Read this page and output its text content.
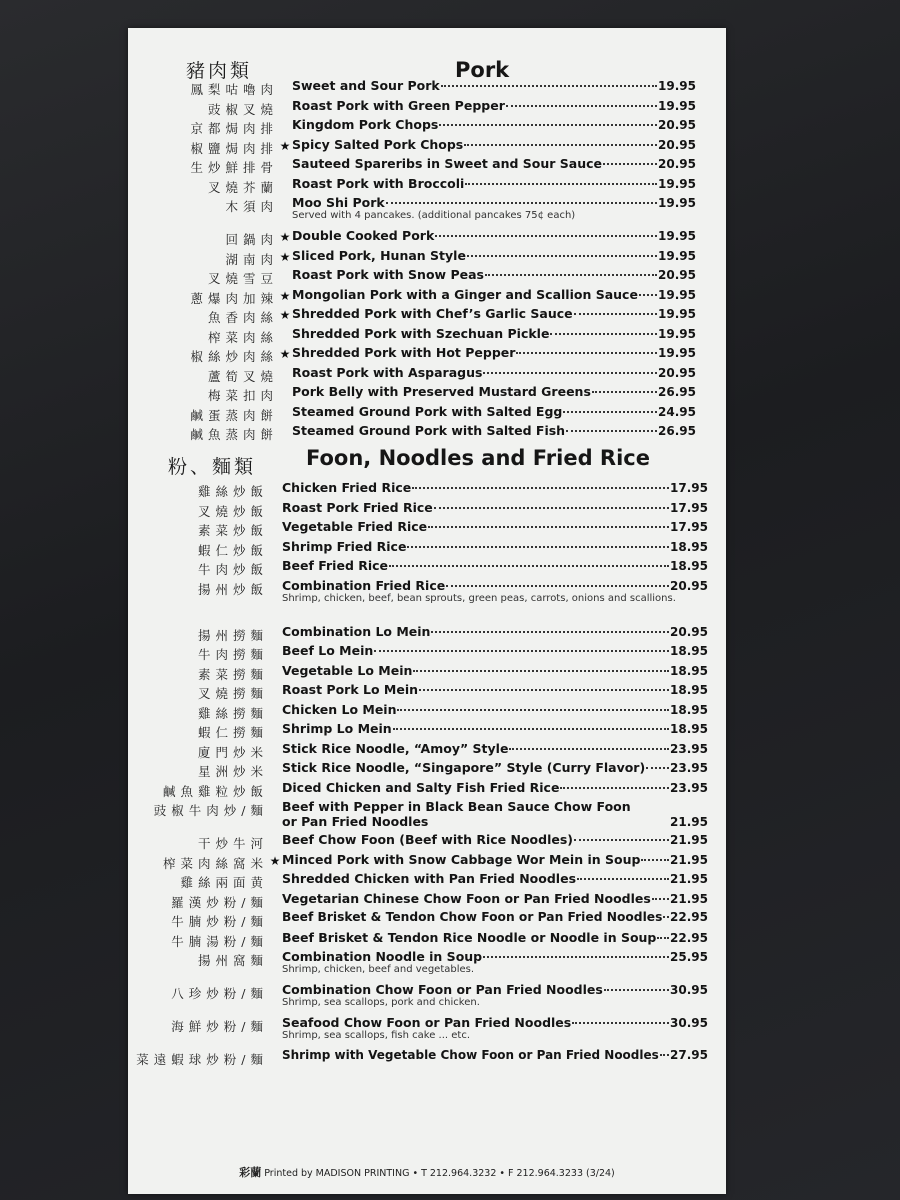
豬肉類	Pork
鳳梨咕嚕肉 Sweet and Sour Pork	19.95
豉椒叉燒 Roast Pork with Green Pepper	19.95
京都焗肉排 Kingdom Pork Chops	20.95
椒鹽焗肉排 ★ Spicy Salted Pork Chops	20.95
生炒鮮排骨 Sauteed Spareribs in Sweet and Sour Sauce	20.95
叉燒芥蘭 Roast Pork with Broccoli	19.95
木須肉 Moo Shi Pork	19.95
Served with 4 pancakes. (additional pancakes 75¢ each)
回鍋肉 ★ Double Cooked Pork	19.95
湖南肉 ★ Sliced Pork, Hunan Style	19.95
叉燒雪豆 Roast Pork with Snow Peas	20.95
蔥爆肉加辣 ★ Mongolian Pork with a Ginger and Scallion Sauce 19.95
魚香肉絲 ★ Shredded Pork with Chef’s Garlic Sauce	19.95
榨菜肉絲 Shredded Pork with Szechuan Pickle	19.95
椒絲炒肉絲 ★ Shredded Pork with Hot Pepper	19.95
蘆筍叉燒 Roast Pork with Asparagus	20.95
梅菜扣肉 Pork Belly with Preserved Mustard Greens	26.95
鹹蛋蒸肉餅 Steamed Ground Pork with Salted Egg	24.95
鹹魚蒸肉餅 Steamed Ground Pork with Salted Fish	26.95
粉、麵類 Foon, Noodles and Fried Rice
雞絲炒飯 Chicken Fried Rice	17.95
叉燒炒飯 Roast Pork Fried Rice	17.95
素菜炒飯 Vegetable Fried Rice	17.95
蝦仁炒飯 Shrimp Fried Rice	18.95
牛肉炒飯 Beef Fried Rice	18.95
揚州炒飯 Combination Fried Rice	20.95
Shrimp, chicken, beef, bean sprouts, green peas, carrots, onions and scallions.
揚州撈麵 Combination Lo Mein	20.95
牛肉撈麵 Beef Lo Mein	18.95
素菜撈麵 Vegetable Lo Mein	18.95
叉燒撈麵 Roast Pork Lo Mein	18.95
雞絲撈麵 Chicken Lo Mein	18.95
蝦仁撈麵 Shrimp Lo Mein	18.95
廈門炒米 Stick Rice Noodle, “Amoy” Style	23.95
星洲炒米 Stick Rice Noodle, “Singapore” Style (Curry Flavor) 23.95
鹹魚雞粒炒飯 Diced Chicken and Salty Fish Fried Rice	23.95
豉椒牛肉炒/麵 Beef with Pepper in Black Bean Sauce Chow Foon
or Pan Fried Noodles	21.95
干炒牛河 Beef Chow Foon (Beef with Rice Noodles)	21.95
榨菜肉絲窩米 ★ Minced Pork with Snow Cabbage Wor Mein in Soup 21.95
雞絲兩面黄 Shredded Chicken with Pan Fried Noodles	21.95
羅漢炒粉/麵 Vegetarian Chinese Chow Foon or Pan Fried Noodles 21.95
牛腩炒粉/麵 Beef Brisket & Tendon Chow Foon or Pan Fried Noodles 22.95
牛腩湯粉/麵 Beef Brisket & Tendon Rice Noodle or Noodle in Soup 22.95
揚州窩麵 Combination Noodle in Soup	25.95
Shrimp, chicken, beef and vegetables.
八珍炒粉/麵 Combination Chow Foon or Pan Fried Noodles	30.95
Shrimp, sea scallops, pork and chicken.
海鮮炒粉/麵 Seafood Chow Foon or Pan Fried Noodles	30.95
Shrimp, sea scallops, fish cake ... etc.
菜遠蝦球炒粉/麵 Shrimp with Vegetable Chow Foon or Pan Fried Noodles 27.95
彩蘭 Printed by MADISON PRINTING • T 212.964.3232 • F 212.964.3233 (3/24)
